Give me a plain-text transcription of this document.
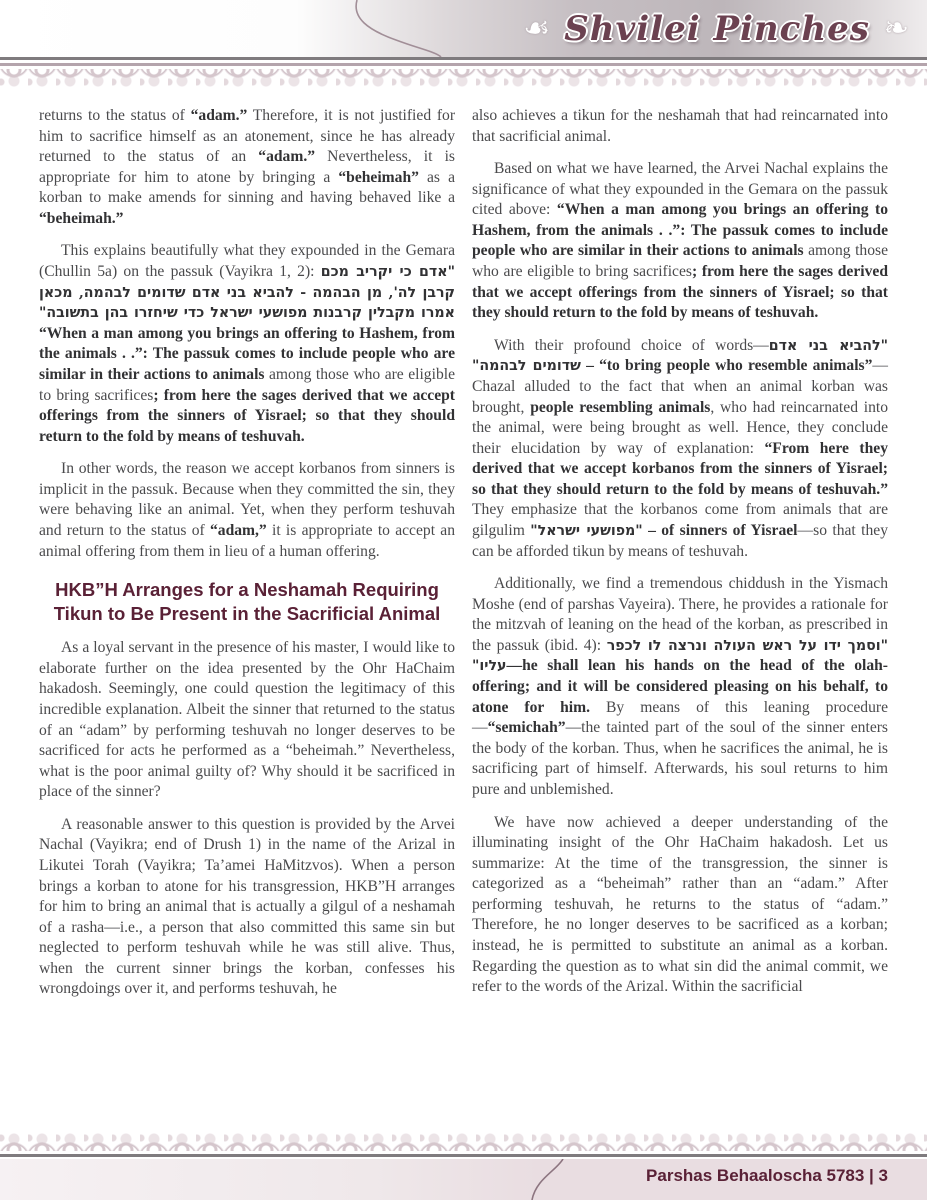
☙ Shvilei Pinches ❧

returns to the status of “adam.” Therefore, it is not justified for him to sacrifice himself as an atonement, since he has already returned to the status of an “adam.” Nevertheless, it is appropriate for him to atone by bringing a “beheimah” as a korban to make amends for sinning and having behaved like a “beheimah.”

This explains beautifully what they expounded in the Gemara (Chullin 5a) on the passuk (Vayikra 1, 2): "אדם כי יקריב מכם קרבן לה', מן הבהמה - להביא בני אדם שדומים לבהמה, מכאן אמרו מקבלין קרבנות מפושעי ישראל כדי שיחזרו בהן בתשובה" “When a man among you brings an offering to Hashem, from the animals . .”: The passuk comes to include people who are similar in their actions to animals among those who are eligible to bring sacrifices; from here the sages derived that we accept offerings from the sinners of Yisrael; so that they should return to the fold by means of teshuvah.

In other words, the reason we accept korbanos from sinners is implicit in the passuk. Because when they committed the sin, they were behaving like an animal. Yet, when they perform teshuvah and return to the status of “adam,” it is appropriate to accept an animal offering from them in lieu of a human offering.

HKB”H Arranges for a Neshamah Requiring Tikun to Be Present in the Sacrificial Animal

As a loyal servant in the presence of his master, I would like to elaborate further on the idea presented by the Ohr HaChaim hakadosh. Seemingly, one could question the legitimacy of this incredible explanation. Albeit the sinner that returned to the status of an “adam” by performing teshuvah no longer deserves to be sacrificed for acts he performed as a “beheimah.” Nevertheless, what is the poor animal guilty of? Why should it be sacrificed in place of the sinner?

A reasonable answer to this question is provided by the Arvei Nachal (Vayikra; end of Drush 1) in the name of the Arizal in Likutei Torah (Vayikra; Ta’amei HaMitzvos). When a person brings a korban to atone for his transgression, HKB”H arranges for him to bring an animal that is actually a gilgul of a neshamah of a rasha—i.e., a person that also committed this same sin but neglected to perform teshuvah while he was still alive. Thus, when the current sinner brings the korban, confesses his wrongdoings over it, and performs teshuvah, he

also achieves a tikun for the neshamah that had reincarnated into that sacrificial animal.

Based on what we have learned, the Arvei Nachal explains the significance of what they expounded in the Gemara on the passuk cited above: “When a man among you brings an offering to Hashem, from the animals . .”: The passuk comes to include people who are similar in their actions to animals among those who are eligible to bring sacrifices; from here the sages derived that we accept offerings from the sinners of Yisrael; so that they should return to the fold by means of teshuvah.

With their profound choice of words—"להביא בני אדם שדומים לבהמה" – “to bring people who resemble animals”—Chazal alluded to the fact that when an animal korban was brought, people resembling animals, who had reincarnated into the animal, were being brought as well. Hence, they conclude their elucidation by way of explanation: “From here they derived that we accept korbanos from the sinners of Yisrael; so that they should return to the fold by means of teshuvah.” They emphasize that the korbanos come from animals that are gilgulim "מפושעי ישראל" – of sinners of Yisrael—so that they can be afforded tikun by means of teshuvah.

Additionally, we find a tremendous chiddush in the Yismach Moshe (end of parshas Vayeira). There, he provides a rationale for the mitzvah of leaning on the head of the korban, as prescribed in the passuk (ibid. 4): "וסמך ידו על ראש העולה ונרצה לו לכפר עליו"—he shall lean his hands on the head of the olah-offering; and it will be considered pleasing on his behalf, to atone for him. By means of this leaning procedure—“semichah”—the tainted part of the soul of the sinner enters the body of the korban. Thus, when he sacrifices the animal, he is sacrificing part of himself. Afterwards, his soul returns to him pure and unblemished.

We have now achieved a deeper understanding of the illuminating insight of the Ohr HaChaim hakadosh. Let us summarize: At the time of the transgression, the sinner is categorized as a “beheimah” rather than an “adam.” After performing teshuvah, he returns to the status of “adam.” Therefore, he no longer deserves to be sacrificed as a korban; instead, he is permitted to substitute an animal as a korban. Regarding the question as to what sin did the animal commit, we refer to the words of the Arizal. Within the sacrificial

Parshas Behaaloscha 5783 | 3
